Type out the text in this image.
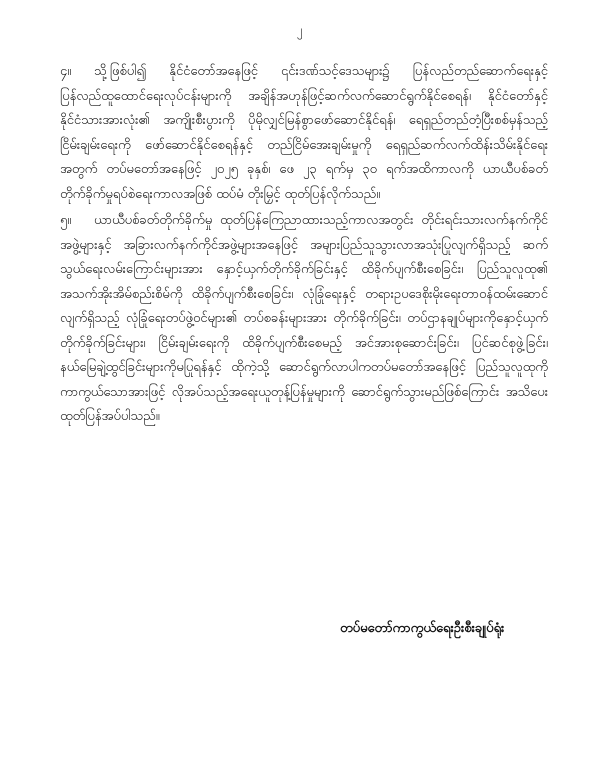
၂

၄။ သို့ဖြစ်ပါ၍ နိုင်ငံတော်အနေဖြင့် ၎င်းဒဏ်သင့်ဒေသများ၌ ပြန်လည်တည်ဆောက်ရေးနှင့် ပြန်လည်ထူထောင်ရေးလုပ်ငန်းများကို အချိန်အဟုန်ဖြင့်ဆက်လက်ဆောင်ရွက်နိုင်စေရန်၊ နိုင်ငံတော်နှင့် နိုင်ငံသားအားလုံး၏ အကျိုးစီးပွားကို ပိုမိုလျှင်မြန်စွာဖော်ဆောင်နိုင်ရန်၊ ရေရှည်တည်တံ့ပြီးစစ်မှန်သည့်ငြိမ်းချမ်းရေးကို ဖော်ဆောင်နိုင်စေရန်နှင့် တည်ငြိမ်အေးချမ်းမှုကို ရေရှည်ဆက်လက်ထိန်းသိမ်းနိုင်ရေးအတွက် တပ်မတော်အနေဖြင့် ၂၀၂၅ ခုနှစ်၊ ဖေ ၂၃ ရက်မှ ၃၀ ရက်အထိကာလကို ယာယီပစ်ခတ်တိုက်ခိုက်မှုရပ်စဲရေးကာလအဖြစ် ထပ်မံ တိုးမြှင့် ထုတ်ပြန်လိုက်သည်။

၅။ ယာယီပစ်ခတ်တိုက်ခိုက်မှု ထုတ်ပြန်ကြေညာထားသည့်ကာလအတွင်း တိုင်းရင်းသားလက်နက်ကိုင်အဖွဲ့များနှင့် အခြားလက်နက်ကိုင်အဖွဲ့များအနေဖြင့် အများပြည်သူသွားလာအသုံးပြုလျက်ရှိသည့် ဆက်သွယ်ရေးလမ်းကြောင်းများအား နှောင့်ယှက်တိုက်ခိုက်ခြင်းနှင့် ထိခိုက်ပျက်စီးစေခြင်း၊ ပြည်သူလူထု၏ အသက်အိုးအိမ်စည်းစိမ်ကို ထိခိုက်ပျက်စီးစေခြင်း၊ လုံခြုံရေးနှင့် တရားဥပဒေစိုးမိုးရေးတာဝန်ထမ်းဆောင်လျက်ရှိသည့် လုံခြုံရေးတပ်ဖွဲ့ဝင်များ၏ တပ်စခန်းများအား တိုက်ခိုက်ခြင်း၊ တပ်ဌာနချုပ်များကိုနှောင့်ယှက်တိုက်ခိုက်ခြင်းများ၊ ငြိမ်းချမ်းရေးကို ထိခိုက်ပျက်စီးစေမည့် အင်အားစုဆောင်းခြင်း၊ ပြင်ဆင်စုဖွဲ့ခြင်း၊ နယ်မြေချဲ့ထွင်ခြင်းများကိုမပြုရန်နှင့် ထိုကဲ့သို့ ဆောင်ရွက်လာပါကတပ်မတော်အနေဖြင့် ပြည်သူလူထုကို ကာကွယ်သောအားဖြင့် လိုအပ်သည့်အရေးယူတုန့်ပြန်မှုများကို ဆောင်ရွက်သွားမည်ဖြစ်ကြောင်း အသိပေးထုတ်ပြန်အပ်ပါသည်။

တပ်မတော်ကာကွယ်ရေးဦးစီးချုပ်ရုံး
